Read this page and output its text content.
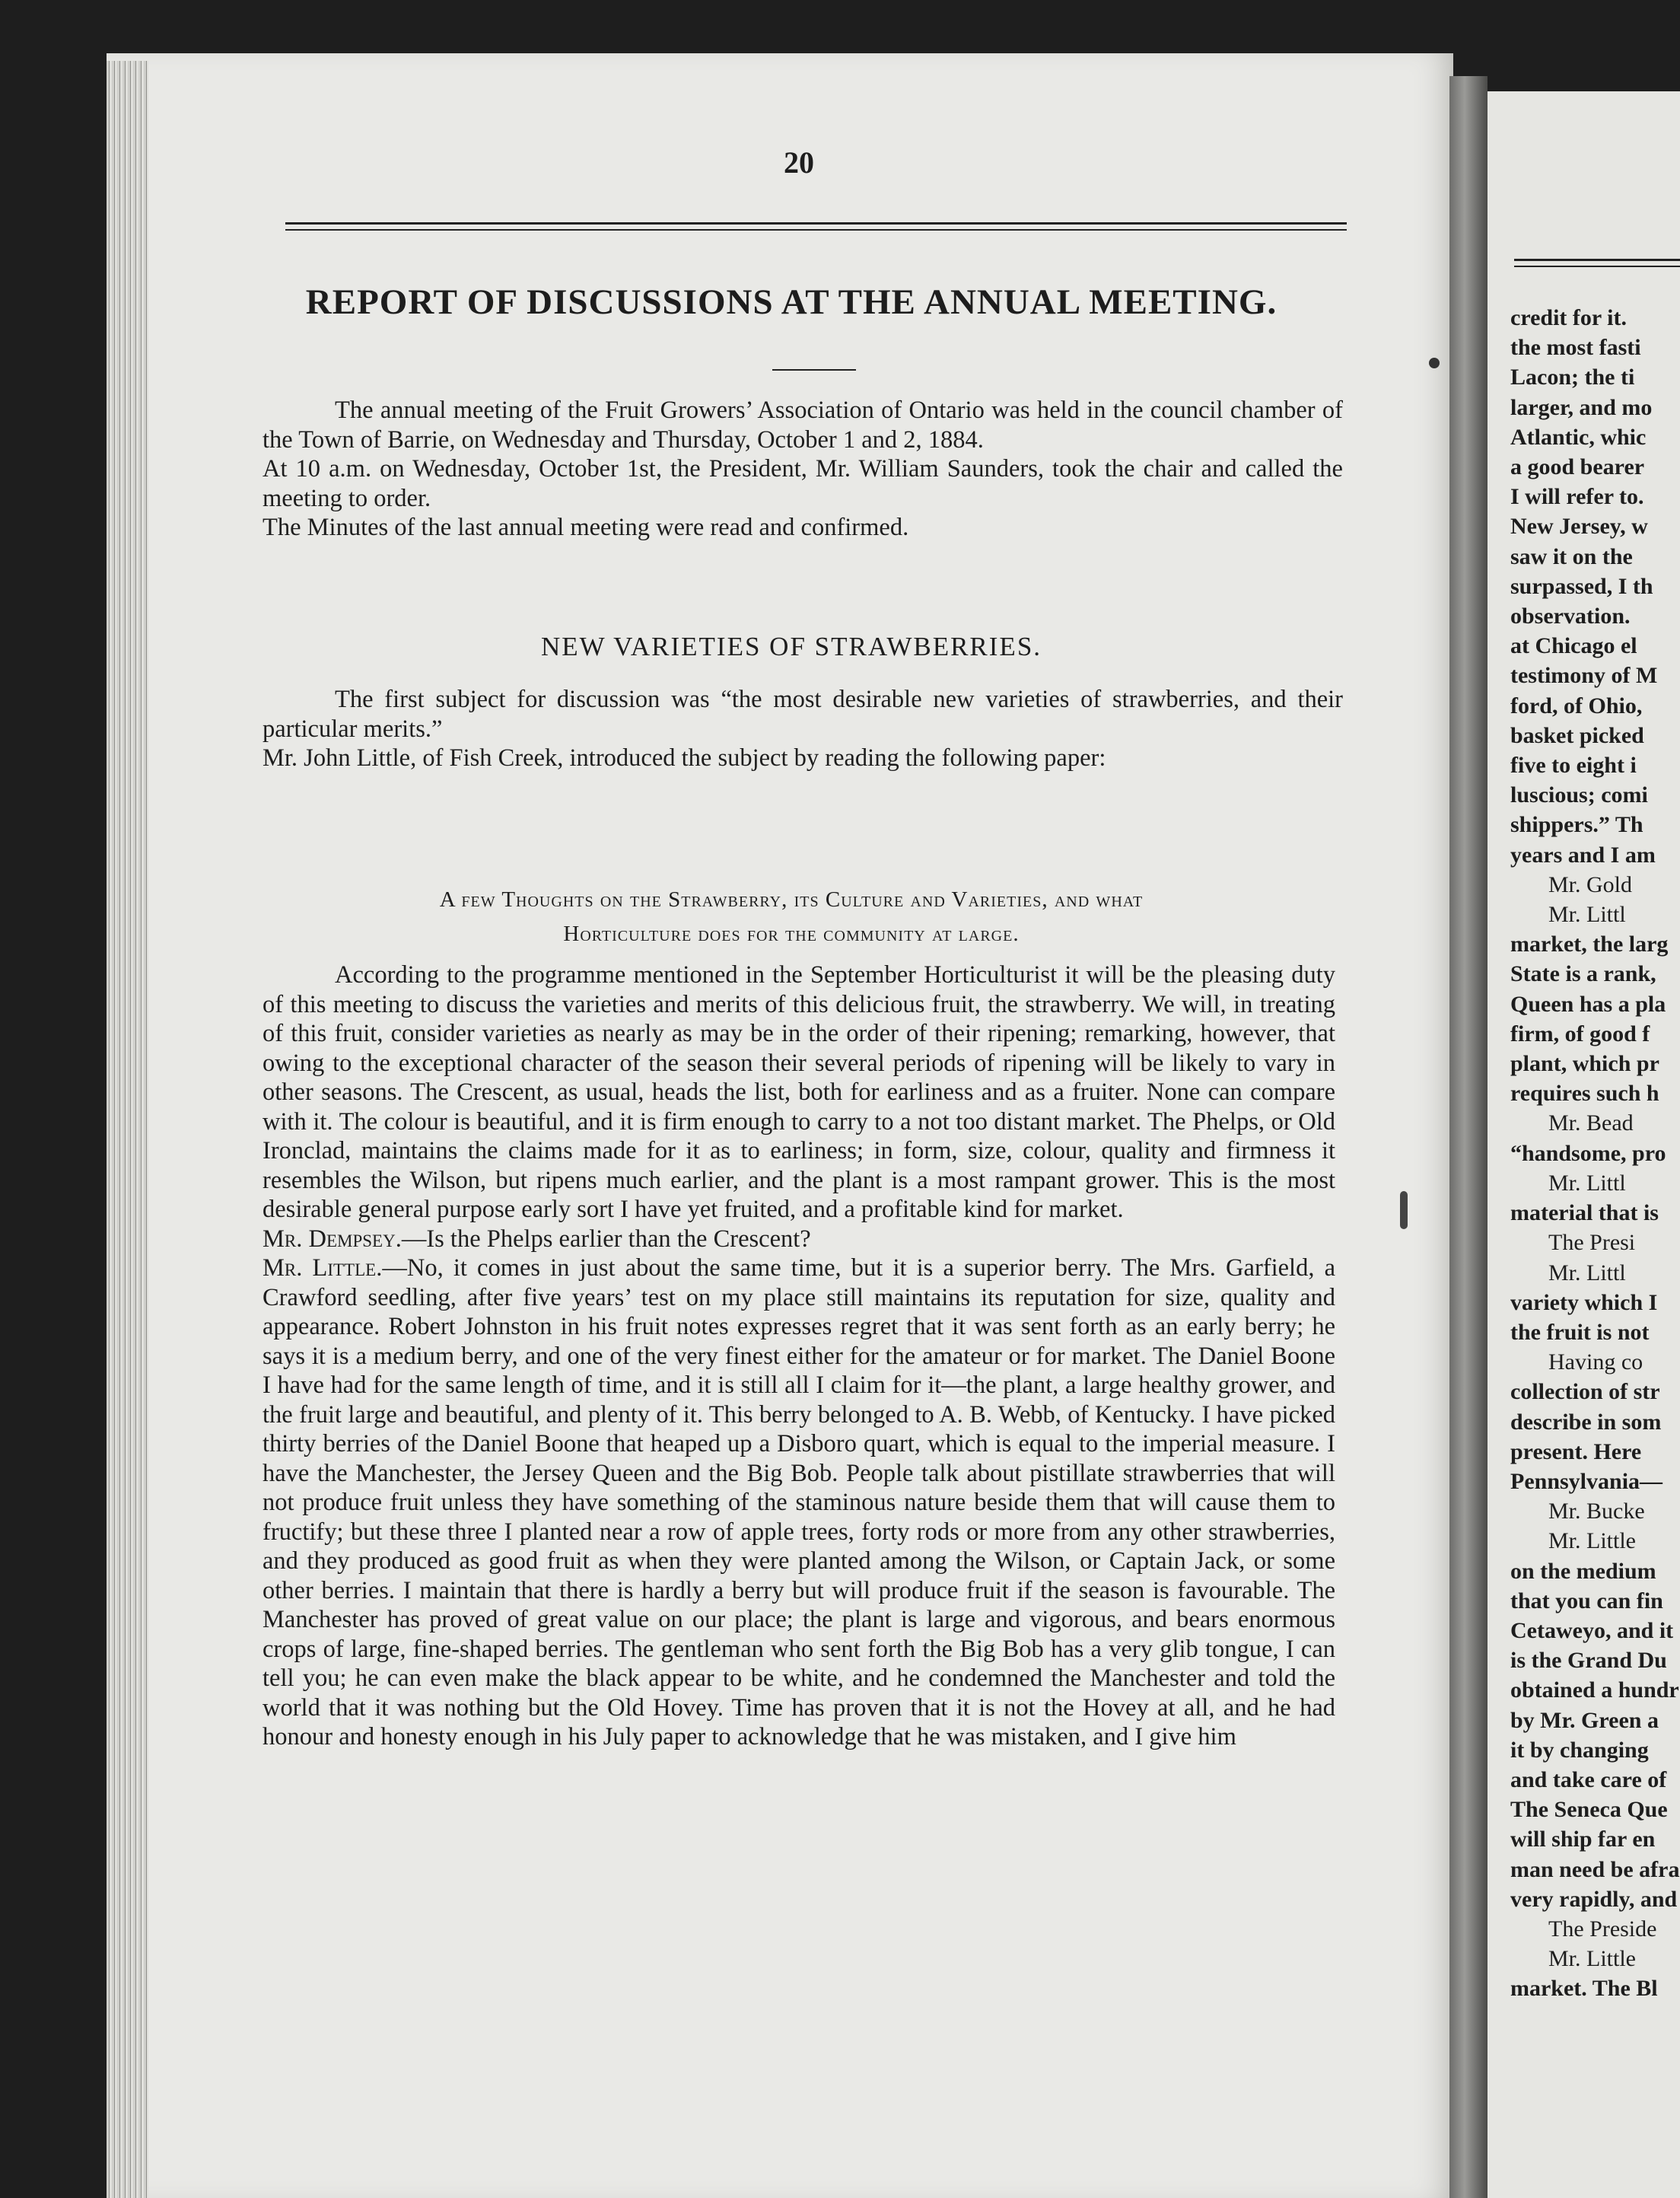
20
REPORT OF DISCUSSIONS AT THE ANNUAL MEETING.

The annual meeting of the Fruit Growers’ Association of Ontario was held in the council chamber of the Town of Barrie, on Wednesday and Thursday, October 1 and 2, 1884.

At 10 a.m. on Wednesday, October 1st, the President, Mr. William Saunders, took the chair and called the meeting to order.

The Minutes of the last annual meeting were read and confirmed.

NEW VARIETIES OF STRAWBERRIES.

The first subject for discussion was “the most desirable new varieties of strawberries, and their particular merits.”

Mr. John Little, of Fish Creek, introduced the subject by reading the following paper:

A few Thoughts on the Strawberry, its Culture and Varieties, and what
Horticulture does for the community at large.

According to the programme mentioned in the September Horticulturist it will be the pleasing duty of this meeting to discuss the varieties and merits of this delicious fruit, the strawberry. We will, in treating of this fruit, consider varieties as nearly as may be in the order of their ripening; remarking, however, that owing to the exceptional character of the season their several periods of ripening will be likely to vary in other seasons. The Crescent, as usual, heads the list, both for earliness and as a fruiter. None can compare with it. The colour is beautiful, and it is firm enough to carry to a not too distant market. The Phelps, or Old Ironclad, maintains the claims made for it as to earliness; in form, size, colour, quality and firmness it resembles the Wilson, but ripens much earlier, and the plant is a most rampant grower. This is the most desirable general purpose early sort I have yet fruited, and a profitable kind for market.

Mr. Dempsey.—Is the Phelps earlier than the Crescent?

Mr. Little.—No, it comes in just about the same time, but it is a superior berry. The Mrs. Garfield, a Crawford seedling, after five years’ test on my place still maintains its reputation for size, quality and appearance. Robert Johnston in his fruit notes expresses regret that it was sent forth as an early berry; he says it is a medium berry, and one of the very finest either for the amateur or for market. The Daniel Boone I have had for the same length of time, and it is still all I claim for it—the plant, a large healthy grower, and the fruit large and beautiful, and plenty of it. This berry belonged to A. B. Webb, of Kentucky. I have picked thirty berries of the Daniel Boone that heaped up a Disboro quart, which is equal to the imperial measure. I have the Manchester, the Jersey Queen and the Big Bob. People talk about pistillate strawberries that will not produce fruit unless they have something of the staminous nature beside them that will cause them to fructify; but these three I planted near a row of apple trees, forty rods or more from any other strawberries, and they produced as good fruit as when they were planted among the Wilson, or Captain Jack, or some other berries. I maintain that there is hardly a berry but will produce fruit if the season is favourable. The Manchester has proved of great value on our place; the plant is large and vigorous, and bears enormous crops of large, fine-shaped berries. The gentleman who sent forth the Big Bob has a very glib tongue, I can tell you; he can even make the black appear to be white, and he condemned the Manchester and told the world that it was nothing but the Old Hovey. Time has proven that it is not the Hovey at all, and he had honour and honesty enough in his July paper to acknowledge that he was mistaken, and I give him

credit for it.

the most fasti

Lacon; the ti

larger, and mo

Atlantic, whic

a good bearer

I will refer to.

New Jersey, w

saw it on the

surpassed, I th

observation.

at Chicago el

testimony of M

ford, of Ohio,

basket picked

five to eight i

luscious; comi

shippers.” Th

years and I am

Mr. Gold

Mr. Littl

market, the larg

State is a rank,

Queen has a pla

firm, of good f

plant, which pr

requires such h

Mr. Bead

“handsome, pro

Mr. Littl

material that is

The Presi

Mr. Littl

variety which I

the fruit is not

Having co

collection of str

describe in som

present. Here

Pennsylvania—

Mr. Bucke

Mr. Little

on the medium

that you can fin

Cetaweyo, and it

is the Grand Du

obtained a hundr

by Mr. Green a

it by changing

and take care of

The Seneca Que

will ship far en

man need be afra

very rapidly, and

The Preside

Mr. Little

market. The Bl
